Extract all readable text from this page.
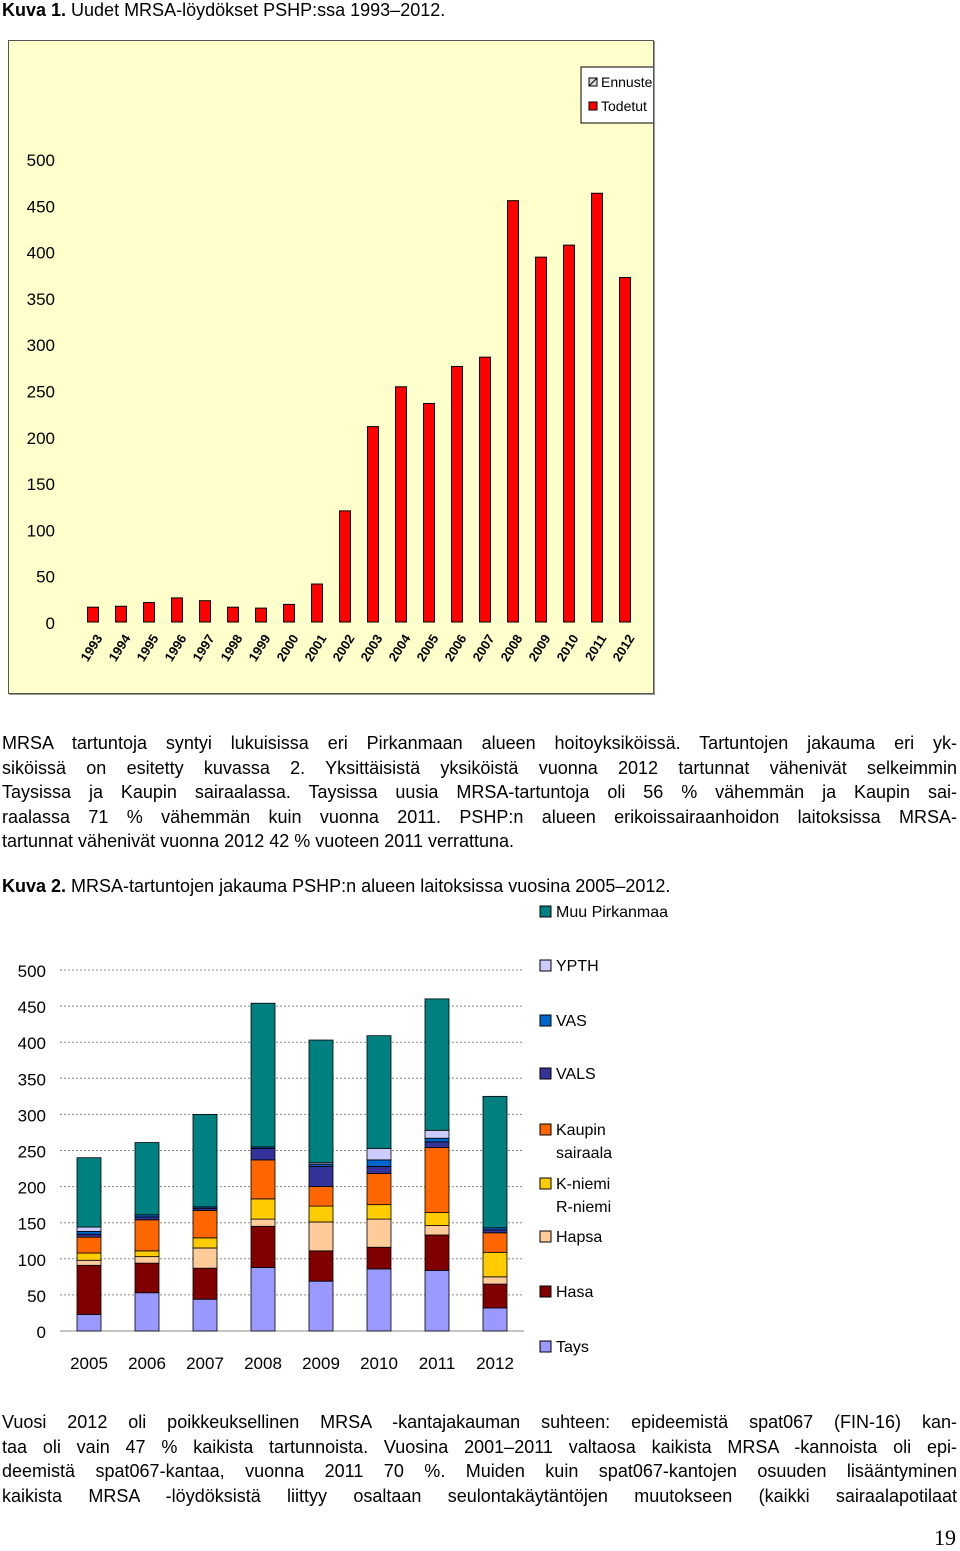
Kuva 1. Uudet MRSA-löydökset PSHP:ssa 1993–2012.
0
50
100
150
200
250
300
350
400
450
500
1993 1994 1995 1996 1997 1998 1999 2000 2001 2002 2003 2004 2005 2006 2007 2008 2009 2010 2011 2012
Ennuste
Todetut
MRSA tartuntoja syntyi lukuisissa eri Pirkanmaan alueen hoitoyksiköissä. Tartuntojen jakauma eri yk-
siköissä on esitetty kuvassa 2. Yksittäisistä yksiköistä vuonna 2012 tartunnat vähenivät selkeimmin
Taysissa ja Kaupin sairaalassa. Taysissa uusia MRSA-tartuntoja oli 56 % vähemmän ja Kaupin sai-
raalassa 71 % vähemmän kuin vuonna 2011. PSHP:n alueen erikoissairaanhoidon laitoksissa MRSA-
tartunnat vähenivät vuonna 2012 42 % vuoteen 2011 verrattuna.
Kuva 2. MRSA-tartuntojen jakauma PSHP:n alueen laitoksissa vuosina 2005–2012.
0
50
100
150
200
250
300
350
400
450
500
2005 2006 2007 2008 2009 2010 2011 2012
Muu Pirkanmaa
YPTH
VAS
VALS
Kaupin
sairaala
K-niemi
R-niemi
Hapsa
Hasa
Tays
Vuosi 2012 oli poikkeuksellinen MRSA -kantajakauman suhteen: epideemistä spat067 (FIN-16) kan-
taa oli vain 47 % kaikista tartunnoista. Vuosina 2001–2011 valtaosa kaikista MRSA -kannoista oli epi-
deemistä spat067-kantaa, vuonna 2011 70 %. Muiden kuin spat067-kantojen osuuden lisääntyminen
kaikista MRSA -löydöksistä liittyy osaltaan seulontakäytäntöjen muutokseen (kaikki sairaalapotilaat
19
